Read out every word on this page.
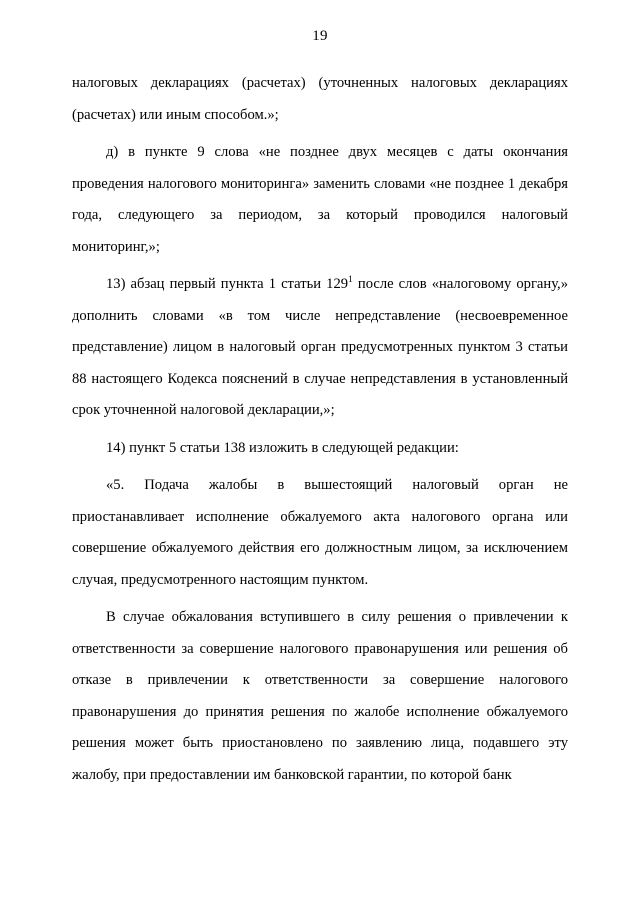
19

налоговых декларациях (расчетах) (уточненных налоговых декларациях (расчетах) или иным способом.»;

д) в пункте 9 слова «не позднее двух месяцев с даты окончания проведения налогового мониторинга» заменить словами «не позднее 1 декабря года, следующего за периодом, за который проводился налоговый мониторинг,»;

13) абзац первый пункта 1 статьи 129$^1$ после слов «налоговому органу,» дополнить словами «в том числе непредставление (несвоевременное представление) лицом в налоговый орган предусмотренных пунктом 3 статьи 88 настоящего Кодекса пояснений в случае непредставления в установленный срок уточненной налоговой декларации,»;

14) пункт 5 статьи 138 изложить в следующей редакции:

«5. Подача жалобы в вышестоящий налоговый орган не приостанавливает исполнение обжалуемого акта налогового органа или совершение обжалуемого действия его должностным лицом, за исключением случая, предусмотренного настоящим пунктом.

В случае обжалования вступившего в силу решения о привлечении к ответственности за совершение налогового правонарушения или решения об отказе в привлечении к ответственности за совершение налогового правонарушения до принятия решения по жалобе исполнение обжалуемого решения может быть приостановлено по заявлению лица, подавшего эту жалобу, при предоставлении им банковской гарантии, по которой банк
